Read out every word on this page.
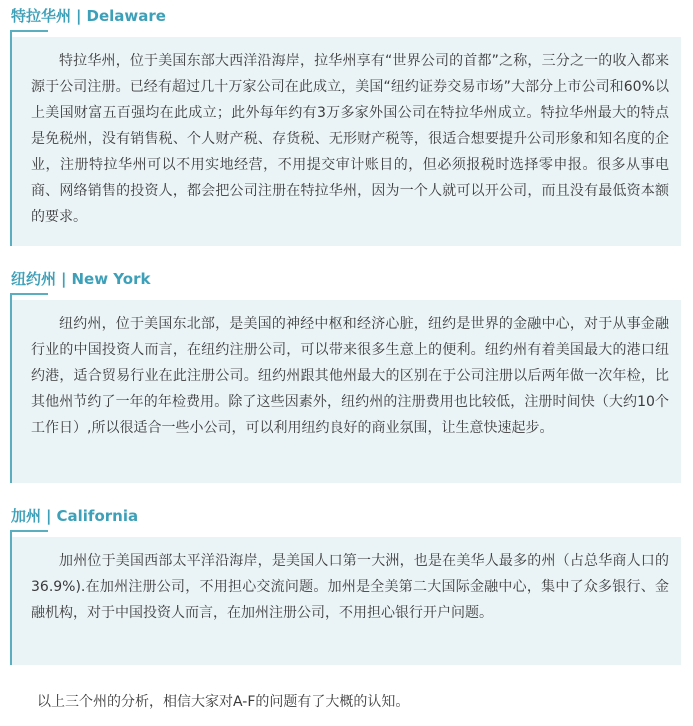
特拉华州 | Delaware

特拉华州，位于美国东部大西洋沿海岸，拉华州享有“世界公司的首都”之称，三分之一的收入都来源于公司注册。已经有超过几十万家公司在此成立，美国“纽约证券交易市场”大部分上市公司和60%以上美国财富五百强均在此成立；此外每年约有3万多家外国公司在特拉华州成立。特拉华州最大的特点是免税州，没有销售税、个人财产税、存货税、无形财产税等，很适合想要提升公司形象和知名度的企业，注册特拉华州可以不用实地经营，不用提交审计账目的，但必须报税时选择零申报。很多从事电商、网络销售的投资人，都会把公司注册在特拉华州，因为一个人就可以开公司，而且没有最低资本额的要求。

纽约州 | New York

纽约州，位于美国东北部，是美国的神经中枢和经济心脏，纽约是世界的金融中心，对于从事金融行业的中国投资人而言，在纽约注册公司，可以带来很多生意上的便利。纽约州有着美国最大的港口纽约港，适合贸易行业在此注册公司。纽约州跟其他州最大的区别在于公司注册以后两年做一次年检，比其他州节约了一年的年检费用。除了这些因素外，纽约州的注册费用也比较低，注册时间快（大约10个工作日）,所以很适合一些小公司，可以利用纽约良好的商业氛围，让生意快速起步。

加州 | California

加州位于美国西部太平洋沿海岸，是美国人口第一大洲，也是在美华人最多的州（占总华商人口的36.9%).在加州注册公司，不用担心交流问题。加州是全美第二大国际金融中心，集中了众多银行、金融机构，对于中国投资人而言，在加州注册公司，不用担心银行开户问题。

以上三个州的分析，相信大家对A-F的问题有了大概的认知。
